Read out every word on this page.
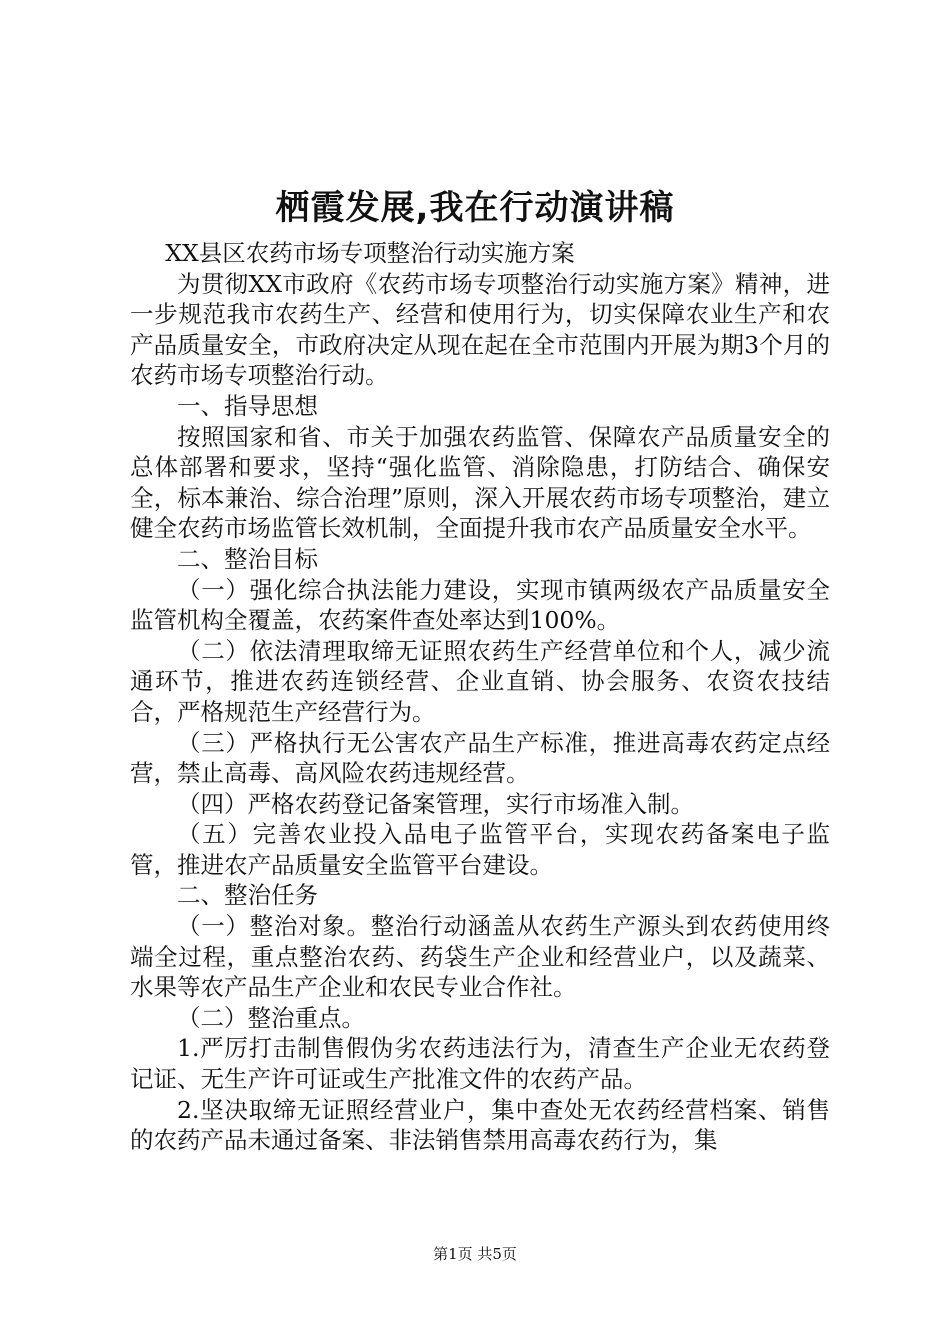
栖霞发展,我在行动演讲稿

XX县区农药市场专项整治行动实施方案

为贯彻XX市政府《农药市场专项整治行动实施方案》精神，进一步规范我市农药生产、经营和使用行为，切实保障农业生产和农产品质量安全，市政府决定从现在起在全市范围内开展为期3个月的农药市场专项整治行动。

一、指导思想

按照国家和省、市关于加强农药监管、保障农产品质量安全的总体部署和要求，坚持“强化监管、消除隐患，打防结合、确保安全，标本兼治、综合治理”原则，深入开展农药市场专项整治，建立健全农药市场监管长效机制，全面提升我市农产品质量安全水平。

二、整治目标

（一）强化综合执法能力建设，实现市镇两级农产品质量安全监管机构全覆盖，农药案件查处率达到100%。

（二）依法清理取缔无证照农药生产经营单位和个人，减少流通环节，推进农药连锁经营、企业直销、协会服务、农资农技结合，严格规范生产经营行为。

（三）严格执行无公害农产品生产标准，推进高毒农药定点经营，禁止高毒、高风险农药违规经营。

（四）严格农药登记备案管理，实行市场准入制。

（五）完善农业投入品电子监管平台，实现农药备案电子监管，推进农产品质量安全监管平台建设。

二、整治任务

（一）整治对象。整治行动涵盖从农药生产源头到农药使用终端全过程，重点整治农药、药袋生产企业和经营业户，以及蔬菜、水果等农产品生产企业和农民专业合作社。

（二）整治重点。

1.严厉打击制售假伪劣农药违法行为，清查生产企业无农药登记证、无生产许可证或生产批准文件的农药产品。

2.坚决取缔无证照经营业户，集中查处无农药经营档案、销售的农药产品未通过备案、非法销售禁用高毒农药行为，集

第1页 共5页
